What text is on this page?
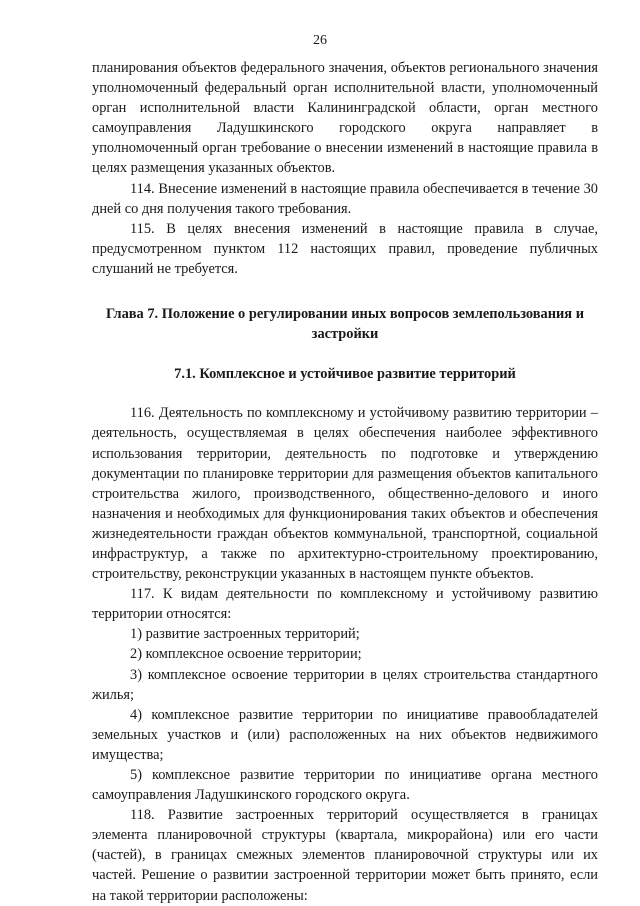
26

планирования объектов федерального значения, объектов регионального значения уполномоченный федеральный орган исполнительной власти, уполномоченный орган исполнительной власти Калининградской области, орган местного самоуправления Ладушкинского городского округа направляет в уполномоченный орган требование о внесении изменений в настоящие правила в целях размещения указанных объектов.

114. Внесение изменений в настоящие правила обеспечивается в течение 30 дней со дня получения такого требования.

115. В целях внесения изменений в настоящие правила в случае, предусмотренном пунктом 112 настоящих правил, проведение публичных слушаний не требуется.

Глава 7. Положение о регулировании иных вопросов землепользования и застройки

7.1. Комплексное и устойчивое развитие территорий

116. Деятельность по комплексному и устойчивому развитию территории – деятельность, осуществляемая в целях обеспечения наиболее эффективного использования территории, деятельность по подготовке и утверждению документации по планировке территории для размещения объектов капитального строительства жилого, производственного, общественно-делового и иного назначения и необходимых для функционирования таких объектов и обеспечения жизнедеятельности граждан объектов коммунальной, транспортной, социальной инфраструктур, а также по архитектурно-строительному проектированию, строительству, реконструкции указанных в настоящем пункте объектов.

117. К видам деятельности по комплексному и устойчивому развитию территории относятся:

1) развитие застроенных территорий;
2) комплексное освоение территории;
3) комплексное освоение территории в целях строительства стандартного жилья;
4) комплексное развитие территории по инициативе правообладателей земельных участков и (или) расположенных на них объектов недвижимого имущества;
5) комплексное развитие территории по инициативе органа местного самоуправления Ладушкинского городского округа.

118. Развитие застроенных территорий осуществляется в границах элемента планировочной структуры (квартала, микрорайона) или его части (частей), в границах смежных элементов планировочной структуры или их частей. Решение о развитии застроенной территории может быть принято, если на такой территории расположены:
